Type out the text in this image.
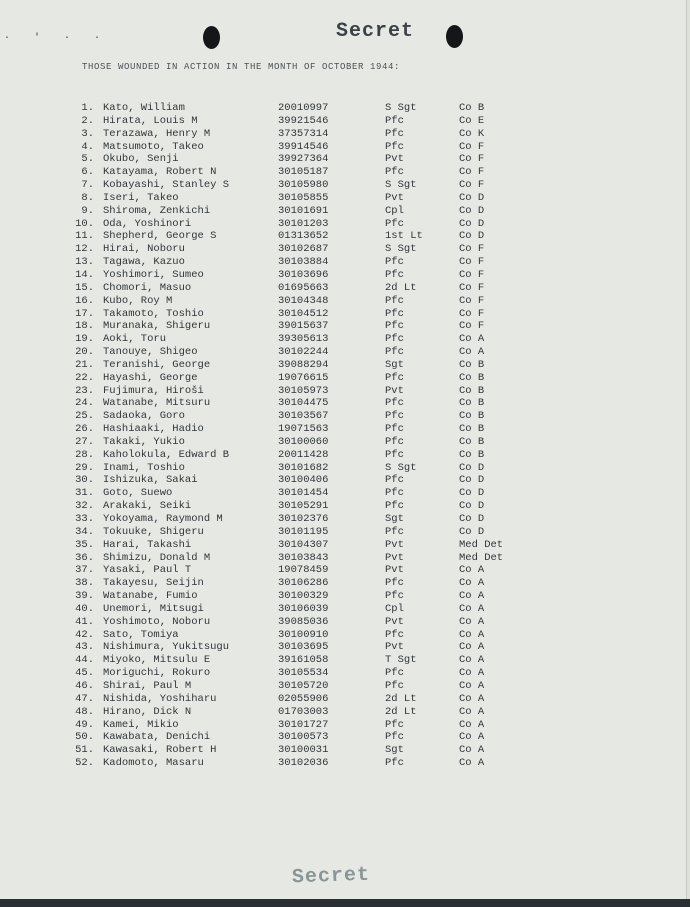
· ' · ·	Secret
THOSE WOUNDED IN ACTION IN THE MONTH OF OCTOBER 1944:
1. Kato, William	20010997	S Sgt	Co B
2. Hirata, Louis M	39921546	Pfc	Co E
3. Terazawa, Henry M	37357314	Pfc	Co K
4. Matsumoto, Takeo	39914546	Pfc	Co F
5. Okubo, Senji	39927364	Pvt	Co F
6. Katayama, Robert N	30105187	Pfc	Co F
7. Kobayashi, Stanley S	30105980	S Sgt	Co F
8. Iseri, Takeo	30105855	Pvt	Co D
9. Shiroma, Zenkichi	30101691	Cpl	Co D
10. Oda, Yoshinori	30101203	Pfc	Co D
11. Shepherd, George S	01313652	1st Lt	Co D
12. Hirai, Noboru	30102687	S Sgt	Co F
13. Tagawa, Kazuo	30103884	Pfc	Co F
14. Yoshimori, Sumeo	30103696	Pfc	Co F
15. Chomori, Masuo	01695663	2d Lt	Co F
16. Kubo, Roy M	30104348	Pfc	Co F
17. Takamoto, Toshio	30104512	Pfc	Co F
18. Muranaka, Shigeru	39015637	Pfc	Co F
19. Aoki, Toru	39305613	Pfc	Co A
20. Tanouye, Shigeo	30102244	Pfc	Co A
21. Teranishi, George	39088294	Sgt	Co B
22. Hayashi, George	19076615	Pfc	Co B
23. Fujimura, Hiroši	30105973	Pvt	Co B
24. Watanabe, Mitsuru	30104475	Pfc	Co B
25. Sadaoka, Goro	30103567	Pfc	Co B
26. Hashiaaki, Hadio	19071563	Pfc	Co B
27. Takaki, Yukio	30100060	Pfc	Co B
28. Kaholokula, Edward B	20011428	Pfc	Co B
29. Inami, Toshio	30101682	S Sgt	Co D
30. Ishizuka, Sakai	30100406	Pfc	Co D
31. Goto, Suewo	30101454	Pfc	Co D
32. Arakaki, Seiki	30105291	Pfc	Co D
33. Yokoyama, Raymond M	30102376	Sgt	Co D
34. Tokuuke, Shigeru	30101195	Pfc	Co D
35. Harai, Takashi	30104307	Pvt	Med Det
36. Shimizu, Donald M	30103843	Pvt	Med Det
37. Yasaki, Paul T	19078459	Pvt	Co A
38. Takayesu, Seijin	30106286	Pfc	Co A
39. Watanabe, Fumio	30100329	Pfc	Co A
40. Unemori, Mitsugi	30106039	Cpl	Co A
41. Yoshimoto, Noboru	39085036	Pvt	Co A
42. Sato, Tomiya	30100910	Pfc	Co A
43. Nishimura, Yukitsugu	30103695	Pvt	Co A
44. Miyoko, Mitsulu E	39161058	T Sgt	Co A
45. Moriguchi, Rokuro	30105534	Pfc	Co A
46. Shirai, Paul M	30105720	Pfc	Co A
47. Nishida, Yoshiharu	02055906	2d Lt	Co A
48. Hirano, Dick N	01703003	2d Lt	Co A
49. Kamei, Mikio	30101727	Pfc	Co A
50. Kawabata, Denichi	30100573	Pfc	Co A
51. Kawasaki, Robert H	30100031	Sgt	Co A
52. Kadomoto, Masaru	30102036	Pfc	Co A
Secret
